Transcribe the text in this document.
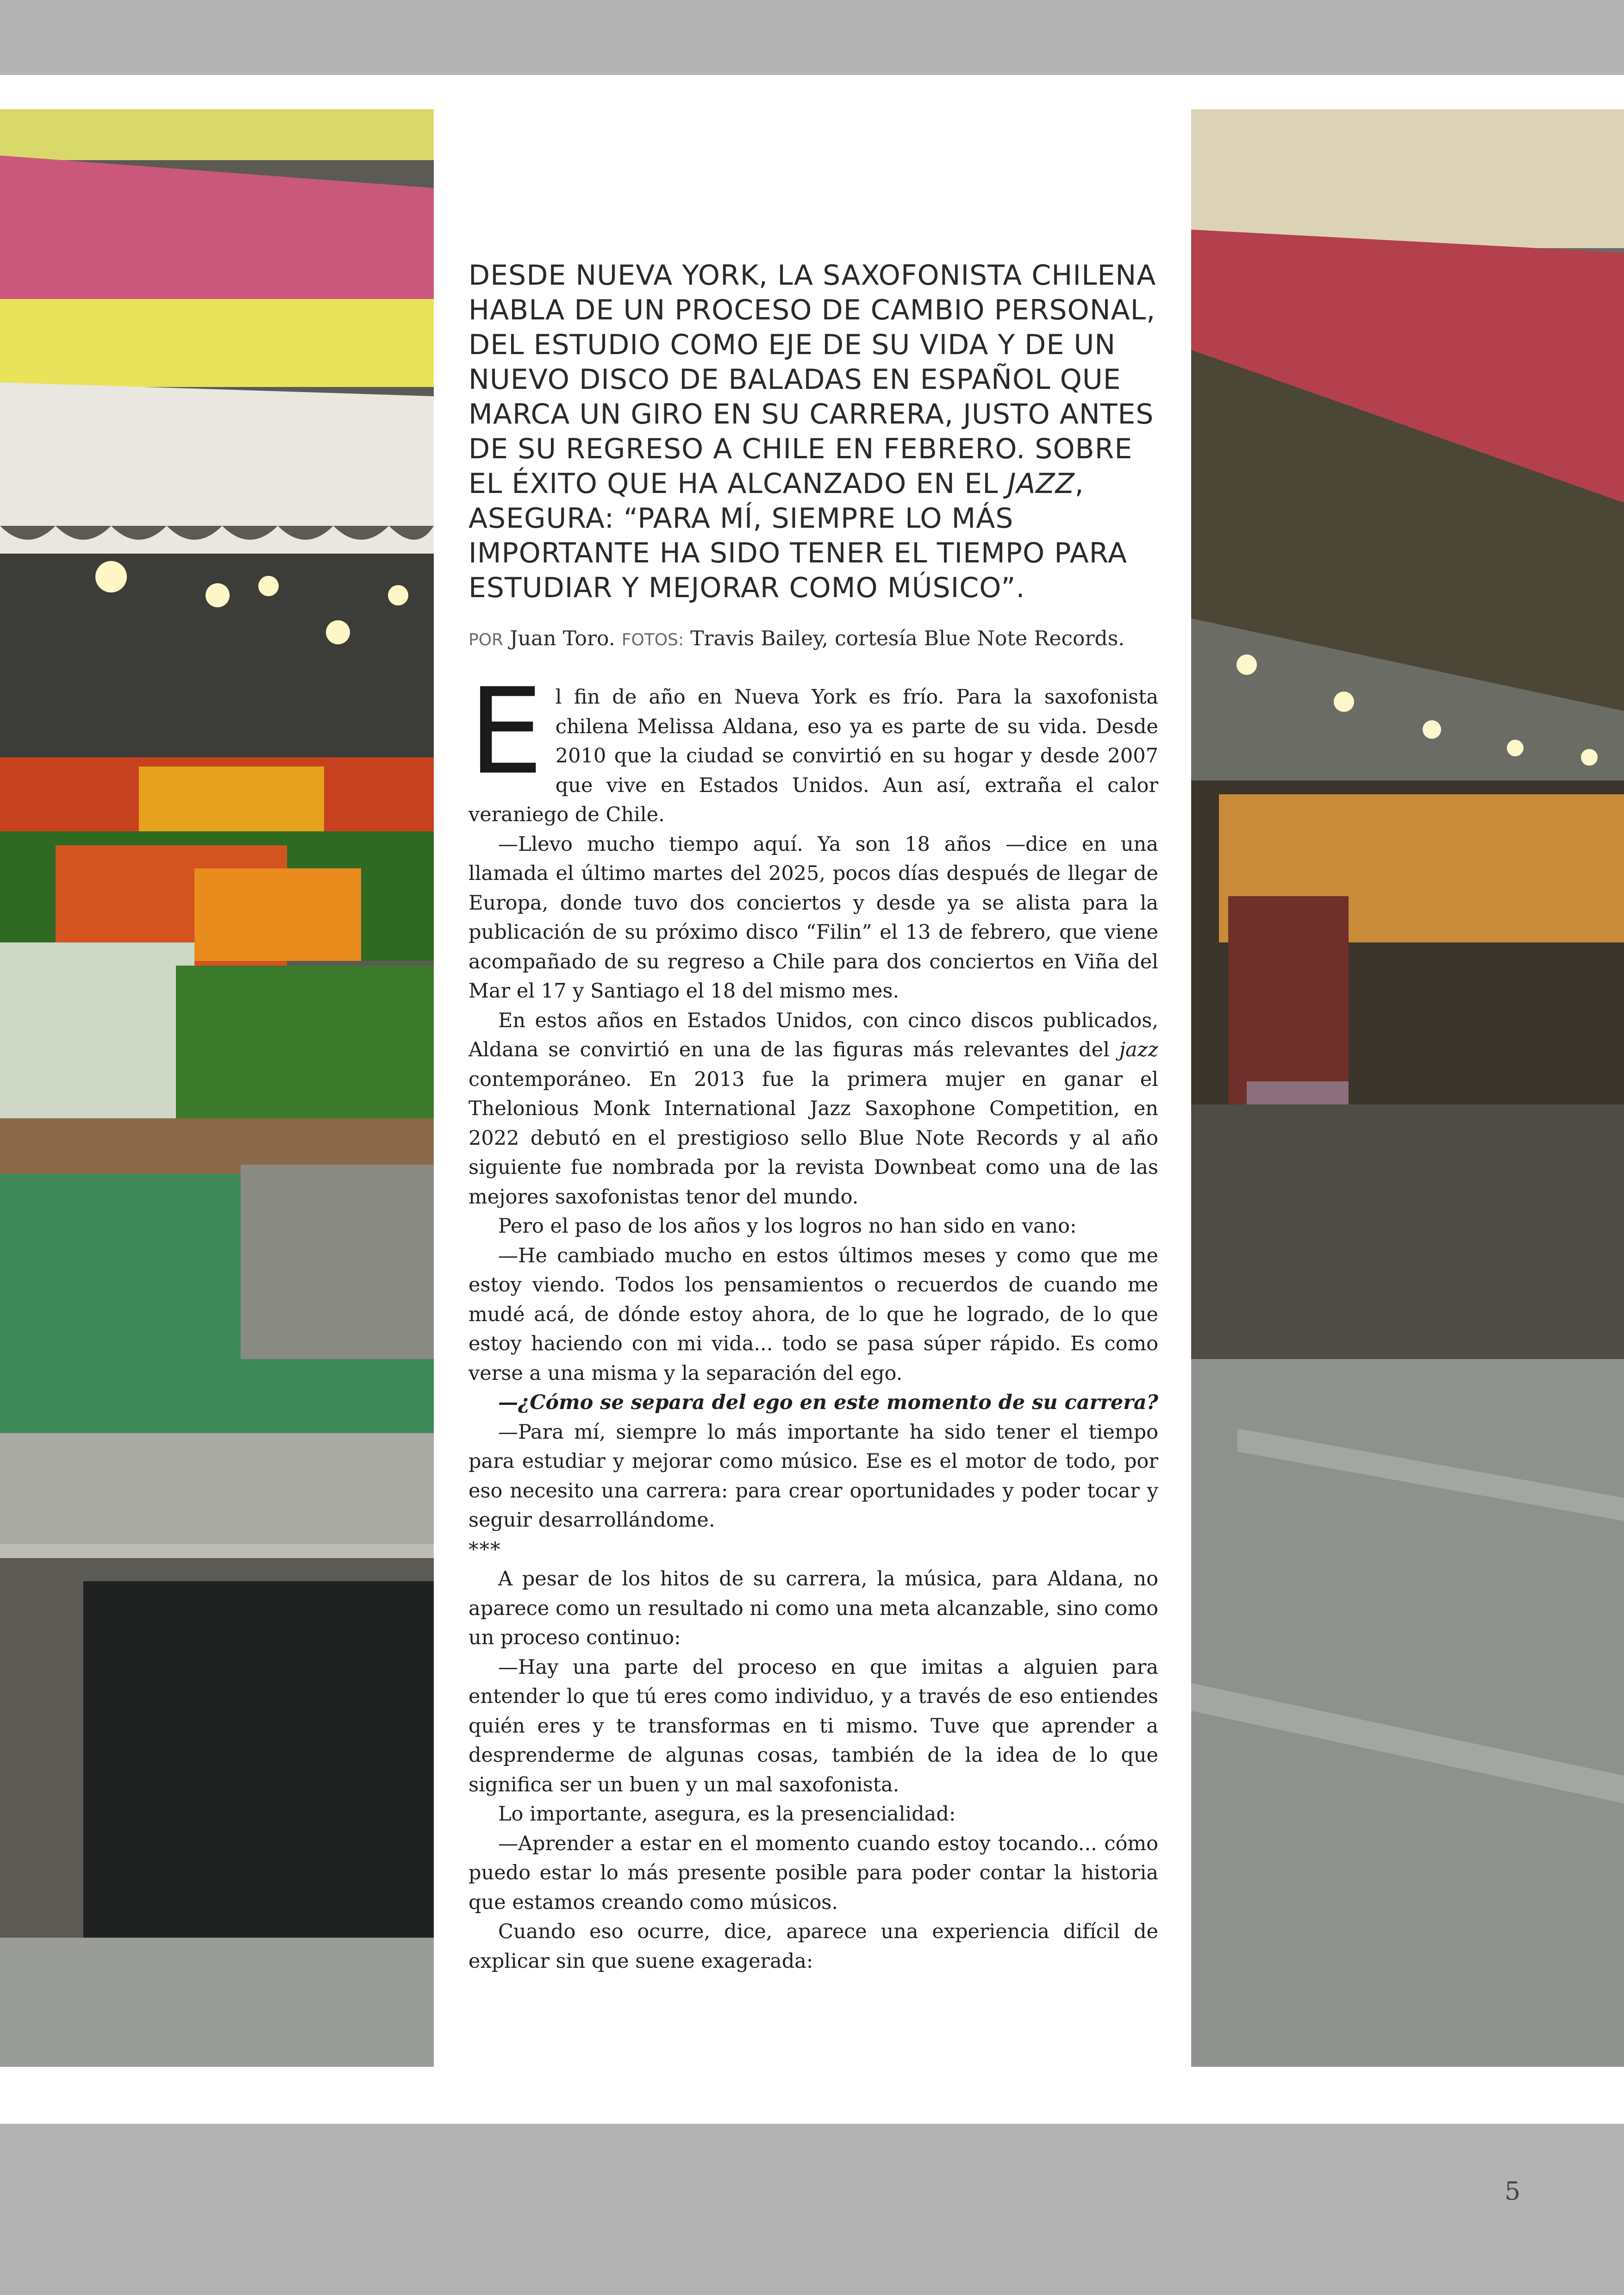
DESDE NUEVA YORK, LA SAXOFONISTA CHILENA HABLA DE UN PROCESO DE CAMBIO PERSONAL, DEL ESTUDIO COMO EJE DE SU VIDA Y DE UN NUEVO DISCO DE BALADAS EN ESPAÑOL QUE MARCA UN GIRO EN SU CARRERA, JUSTO ANTES DE SU REGRESO A CHILE EN FEBRERO. SOBRE EL ÉXITO QUE HA ALCANZADO EN EL JAZZ, ASEGURA: “PARA MÍ, SIEMPRE LO MÁS IMPORTANTE HA SIDO TENER EL TIEMPO PARA ESTUDIAR Y MEJORAR COMO MÚSICO”.
POR Juan Toro. FOTOS: Travis Bailey, cortesía Blue Note Records.

El fin de año en Nueva York es frío. Para la saxofonista chilena Melissa Aldana, eso ya es parte de su vida. Desde 2010 que la ciudad se convirtió en su hogar y desde 2007 que vive en Estados Unidos. Aun así, extraña el calor veraniego de Chile.

—Llevo mucho tiempo aquí. Ya son 18 años —dice en una llamada el último martes del 2025, pocos días después de llegar de Europa, donde tuvo dos conciertos y desde ya se alista para la publicación de su próximo disco “Filin” el 13 de febrero, que viene acompañado de su regreso a Chile para dos conciertos en Viña del Mar el 17 y Santiago el 18 del mismo mes.

En estos años en Estados Unidos, con cinco discos publicados, Aldana se convirtió en una de las figuras más relevantes del jazz contemporáneo. En 2013 fue la primera mujer en ganar el Thelonious Monk International Jazz Saxophone Competition, en 2022 debutó en el prestigioso sello Blue Note Records y al año siguiente fue nombrada por la revista Downbeat como una de las mejores saxofonistas tenor del mundo.

Pero el paso de los años y los logros no han sido en vano:

—He cambiado mucho en estos últimos meses y como que me estoy viendo. Todos los pensamientos o recuerdos de cuando me mudé acá, de dónde estoy ahora, de lo que he logrado, de lo que estoy haciendo con mi vida... todo se pasa súper rápido. Es como verse a una misma y la separación del ego.

—¿Cómo se separa del ego en este momento de su carrera?

—Para mí, siempre lo más importante ha sido tener el tiempo para estudiar y mejorar como músico. Ese es el motor de todo, por eso necesito una carrera: para crear oportunidades y poder tocar y seguir desarrollándome.

***

A pesar de los hitos de su carrera, la música, para Aldana, no aparece como un resultado ni como una meta alcanzable, sino como un proceso continuo:

—Hay una parte del proceso en que imitas a alguien para entender lo que tú eres como individuo, y a través de eso entiendes quién eres y te transformas en ti mismo. Tuve que aprender a desprenderme de algunas cosas, también de la idea de lo que significa ser un buen y un mal saxofonista.

Lo importante, asegura, es la presencialidad:

—Aprender a estar en el momento cuando estoy tocando... cómo puedo estar lo más presente posible para poder contar la historia que estamos creando como músicos.

Cuando eso ocurre, dice, aparece una experiencia difícil de explicar sin que suene exagerada:

5
